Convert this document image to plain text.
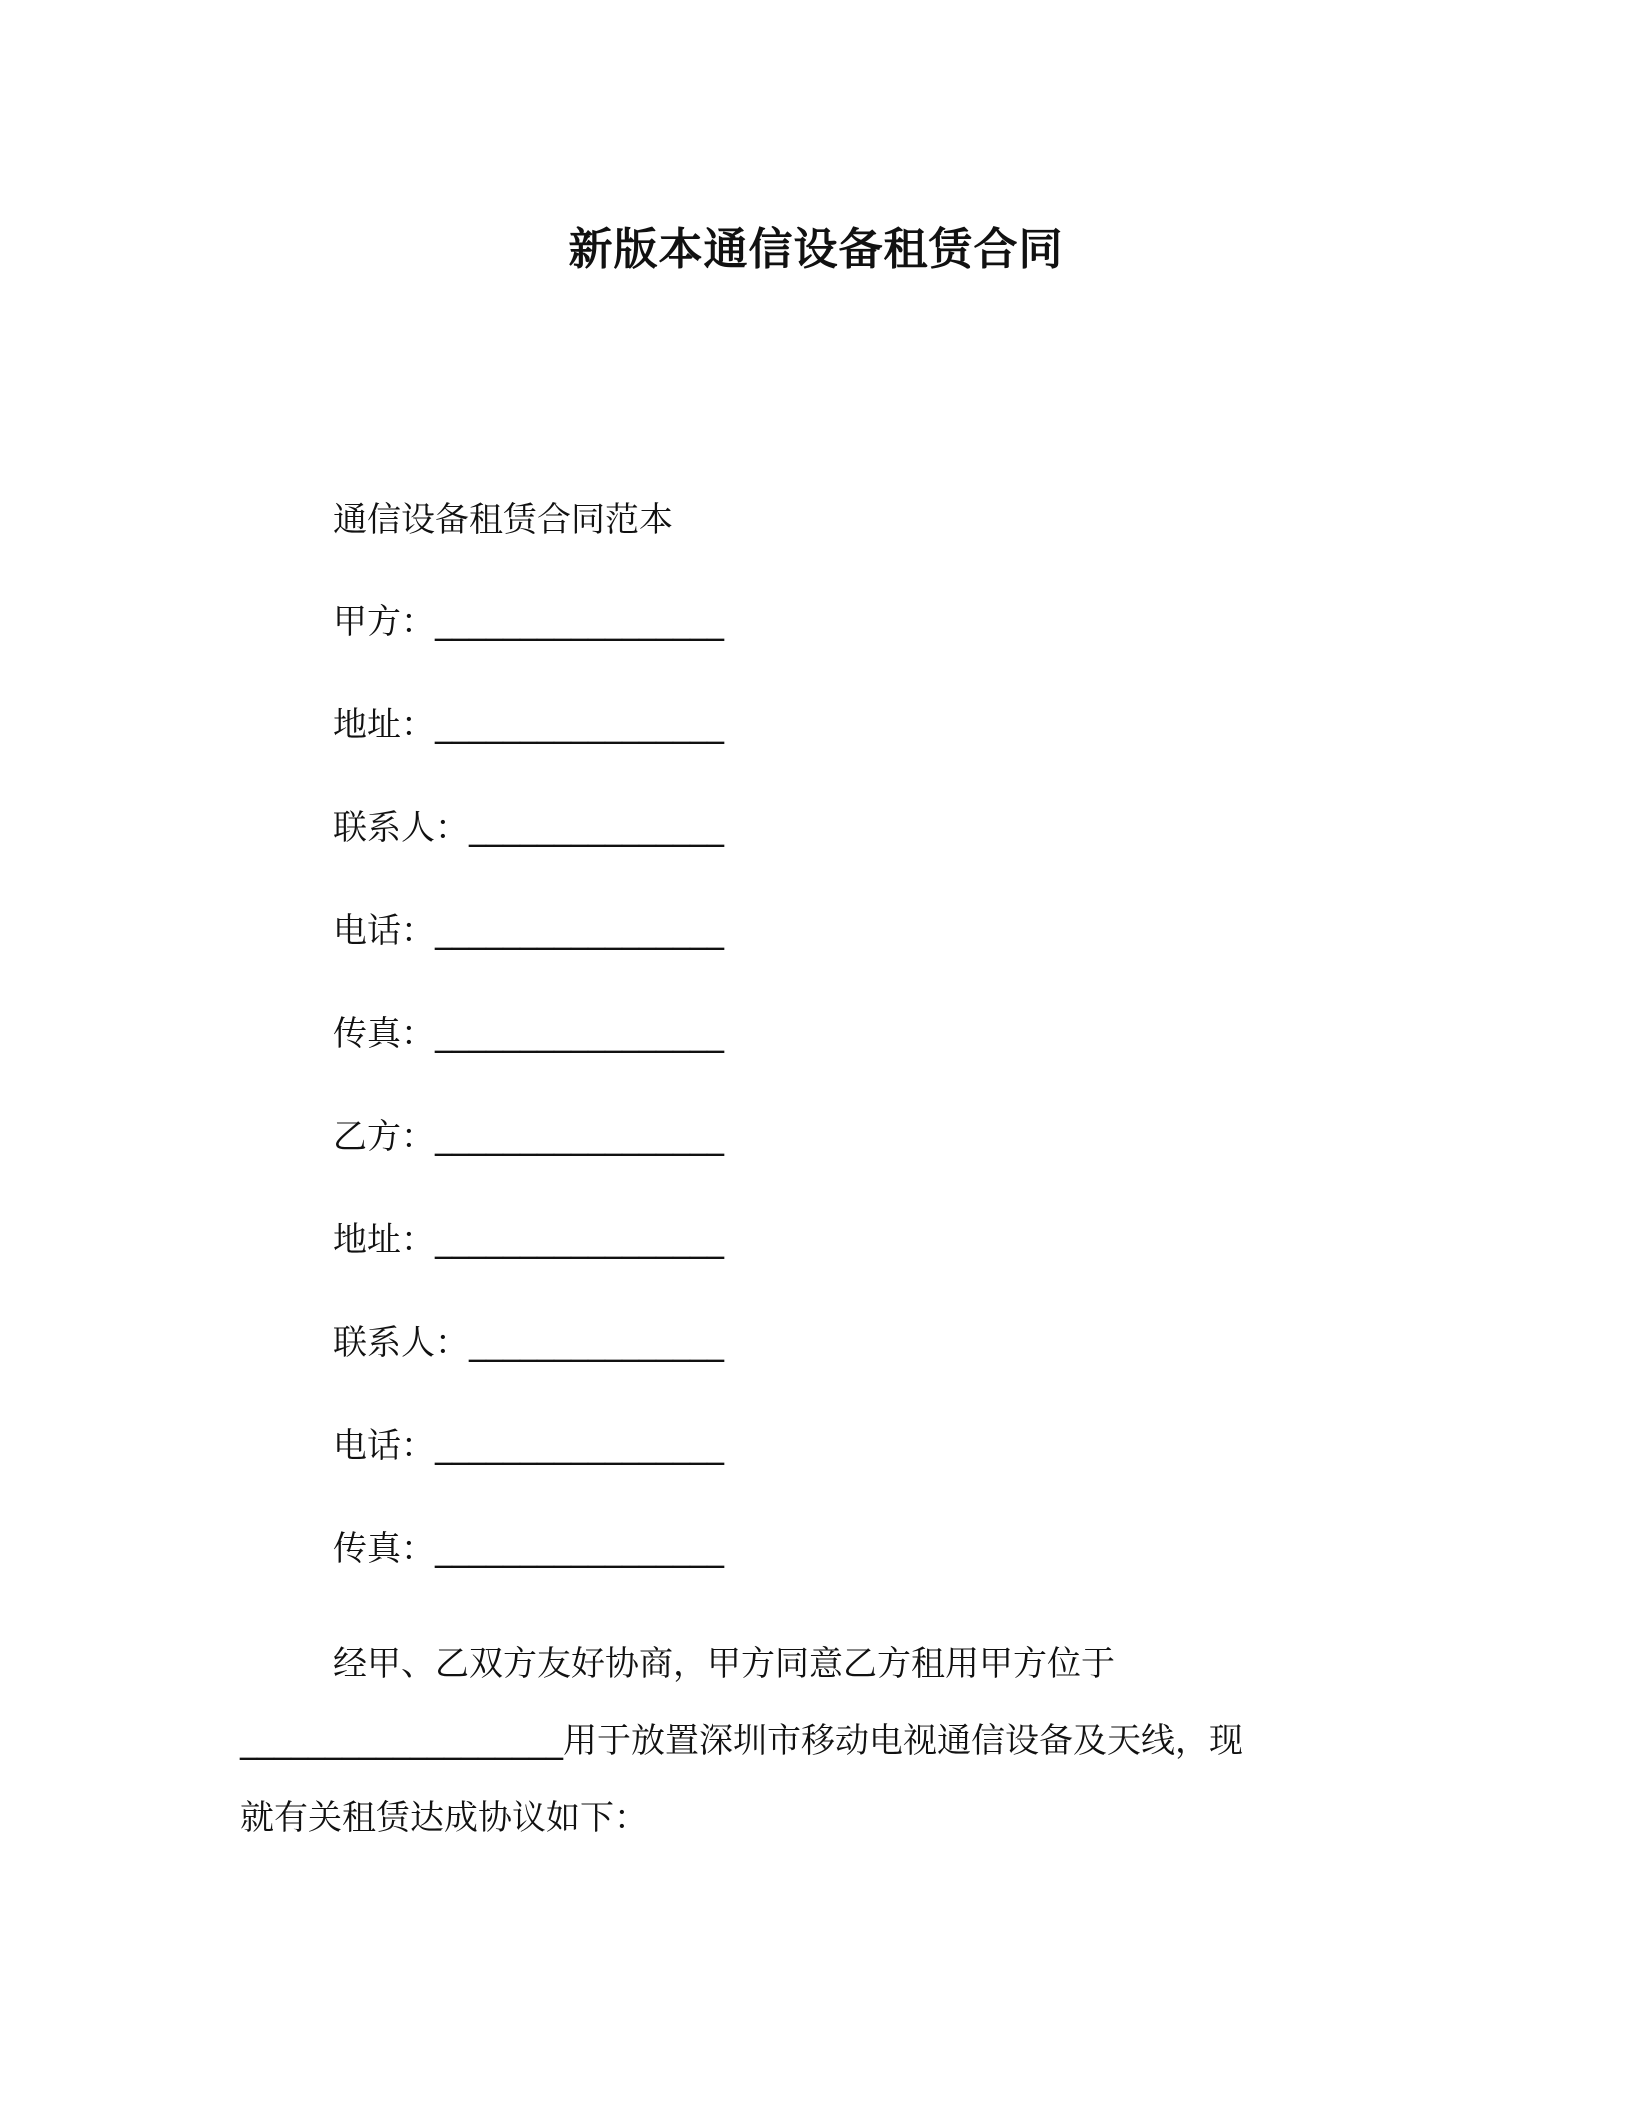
新版本通信设备租赁合同
通信设备租赁合同范本
甲方：_________________
地址：_________________
联系人：_______________
电话：_________________
传真：_________________
乙方：_________________
地址：_________________
联系人：_______________
电话：_________________
传真：_________________
经甲、乙双方友好协商，甲方同意乙方租用甲方位于
___________________用于放置深圳市移动电视通信设备及天线，现
就有关租赁达成协议如下：
